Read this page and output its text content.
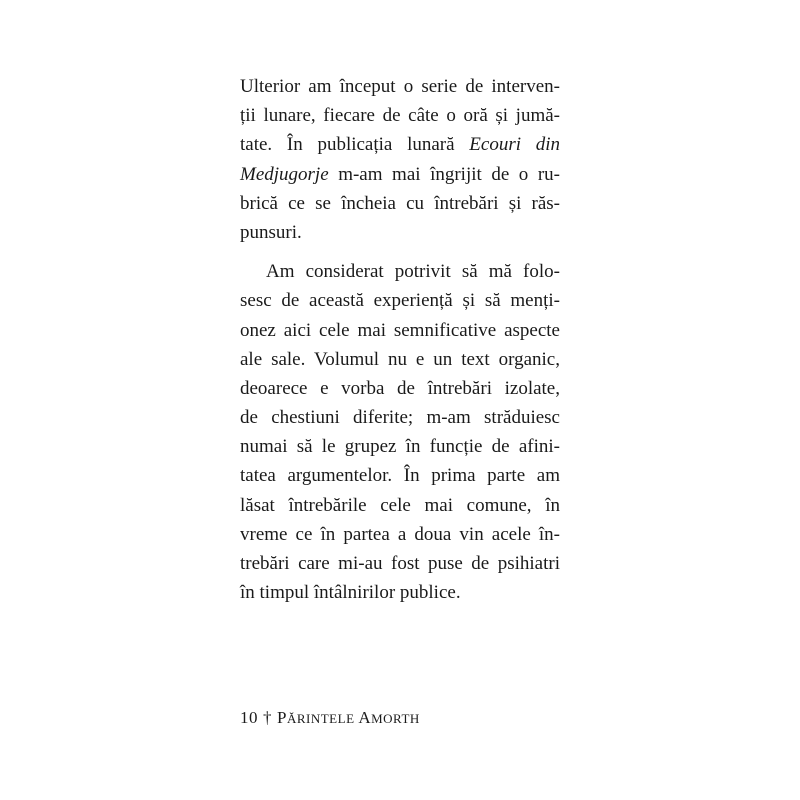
Ulterior am început o serie de interven-
ții lunare, fiecare de câte o oră și jumă-
tate. În publicația lunară Ecouri din
Medjugorje m-am mai îngrijit de o ru-
brică ce se încheia cu întrebări și răs-
punsuri.

Am considerat potrivit să mă folo-
sesc de această experiență și să menți-
onez aici cele mai semnificative aspecte
ale sale. Volumul nu e un text organic,
deoarece e vorba de întrebări izolate,
de chestiuni diferite; m-am străduiesc
numai să le grupez în funcție de afini-
tatea argumentelor. În prima parte am
lăsat întrebările cele mai comune, în
vreme ce în partea a doua vin acele în-
trebări care mi-au fost puse de psihiatri
în timpul întâlnirilor publice.

10 † PĂRINTELE AMORTH
